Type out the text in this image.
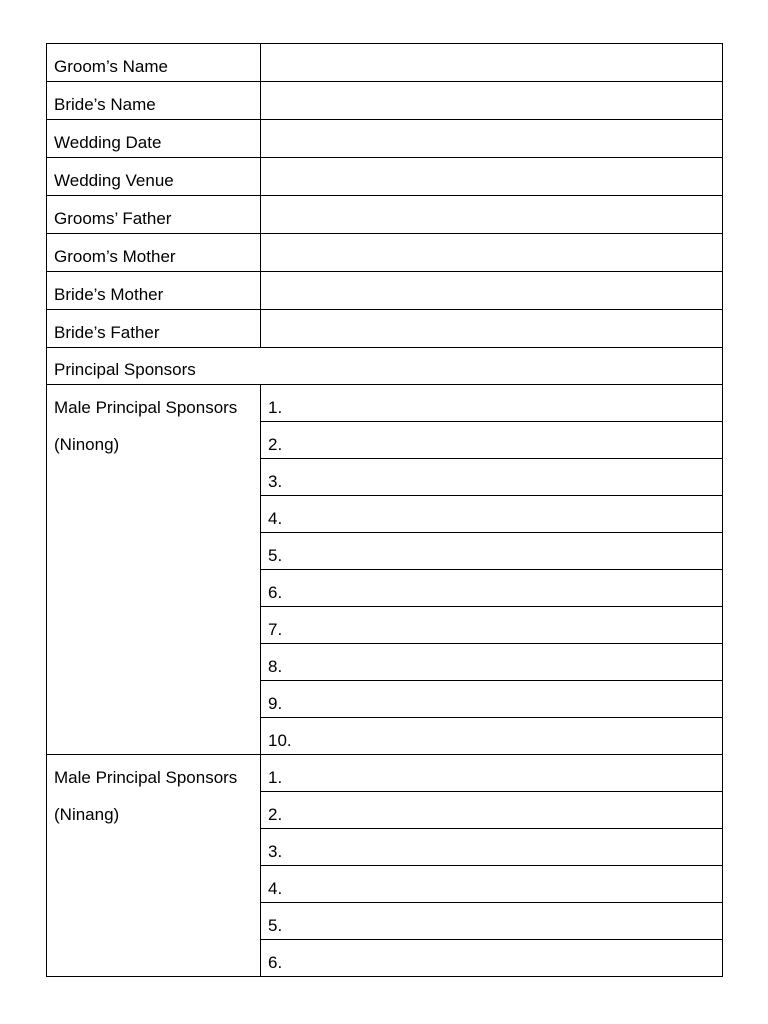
Groom’s Name	
Bride’s Name	
Wedding Date	
Wedding Venue	
Grooms’ Father	
Groom’s Mother	
Bride’s Mother	
Bride’s Father	
Principal Sponsors	

Male Principal Sponsors
(Ninong)	1.
	2.
	3.
	4.
	5.
	6.
	7.
	8.
	9.
	10.

Male Principal Sponsors
(Ninang)	1.
	2.
	3.
	4.
	5.
	6.
